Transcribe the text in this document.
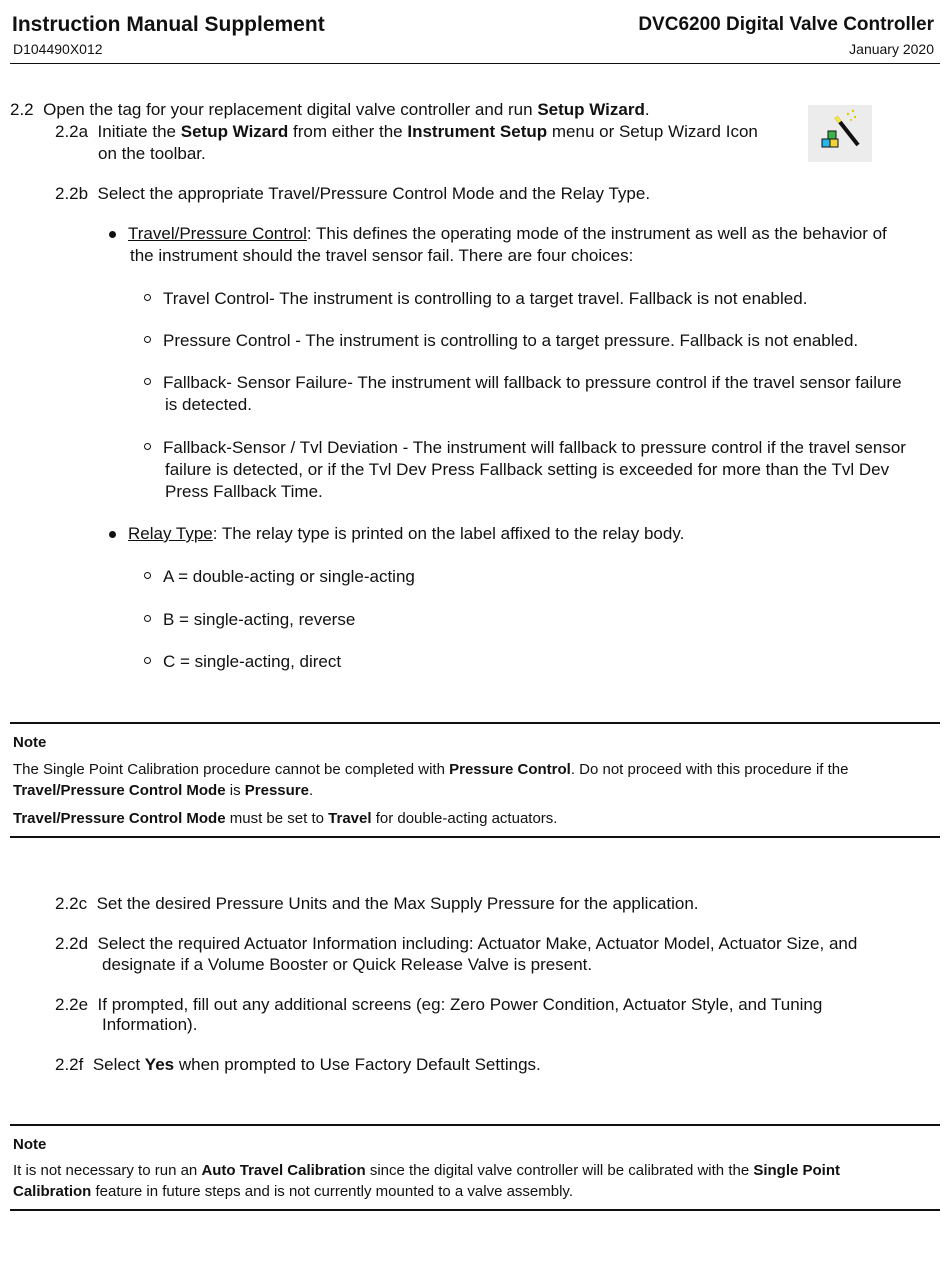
Instruction Manual Supplement
D104490X012
DVC6200 Digital Valve Controller
January 2020
2.2 Open the tag for your replacement digital valve controller and run Setup Wizard.
2.2a Initiate the Setup Wizard from either the Instrument Setup menu or Setup Wizard Icon
on the toolbar.
2.2b Select the appropriate Travel/Pressure Control Mode and the Relay Type.
Travel/Pressure Control: This defines the operating mode of the instrument as well as the behavior of
the instrument should the travel sensor fail. There are four choices:
Travel Control- The instrument is controlling to a target travel. Fallback is not enabled.
Pressure Control - The instrument is controlling to a target pressure. Fallback is not enabled.
Fallback- Sensor Failure- The instrument will fallback to pressure control if the travel sensor failure
is detected.
Fallback-Sensor / Tvl Deviation - The instrument will fallback to pressure control if the travel sensor
failure is detected, or if the Tvl Dev Press Fallback setting is exceeded for more than the Tvl Dev
Press Fallback Time.
Relay Type: The relay type is printed on the label affixed to the relay body.
A = double-acting or single-acting
B = single-acting, reverse
C = single-acting, direct
Note
The Single Point Calibration procedure cannot be completed with Pressure Control. Do not proceed with this procedure if the
Travel/Pressure Control Mode is Pressure.
Travel/Pressure Control Mode must be set to Travel for double-acting actuators.
2.2c Set the desired Pressure Units and the Max Supply Pressure for the application.
2.2d Select the required Actuator Information including: Actuator Make, Actuator Model, Actuator Size, and
designate if a Volume Booster or Quick Release Valve is present.
2.2e If prompted, fill out any additional screens (eg: Zero Power Condition, Actuator Style, and Tuning
Information).
2.2f Select Yes when prompted to Use Factory Default Settings.
Note
It is not necessary to run an Auto Travel Calibration since the digital valve controller will be calibrated with the Single Point
Calibration feature in future steps and is not currently mounted to a valve assembly.
